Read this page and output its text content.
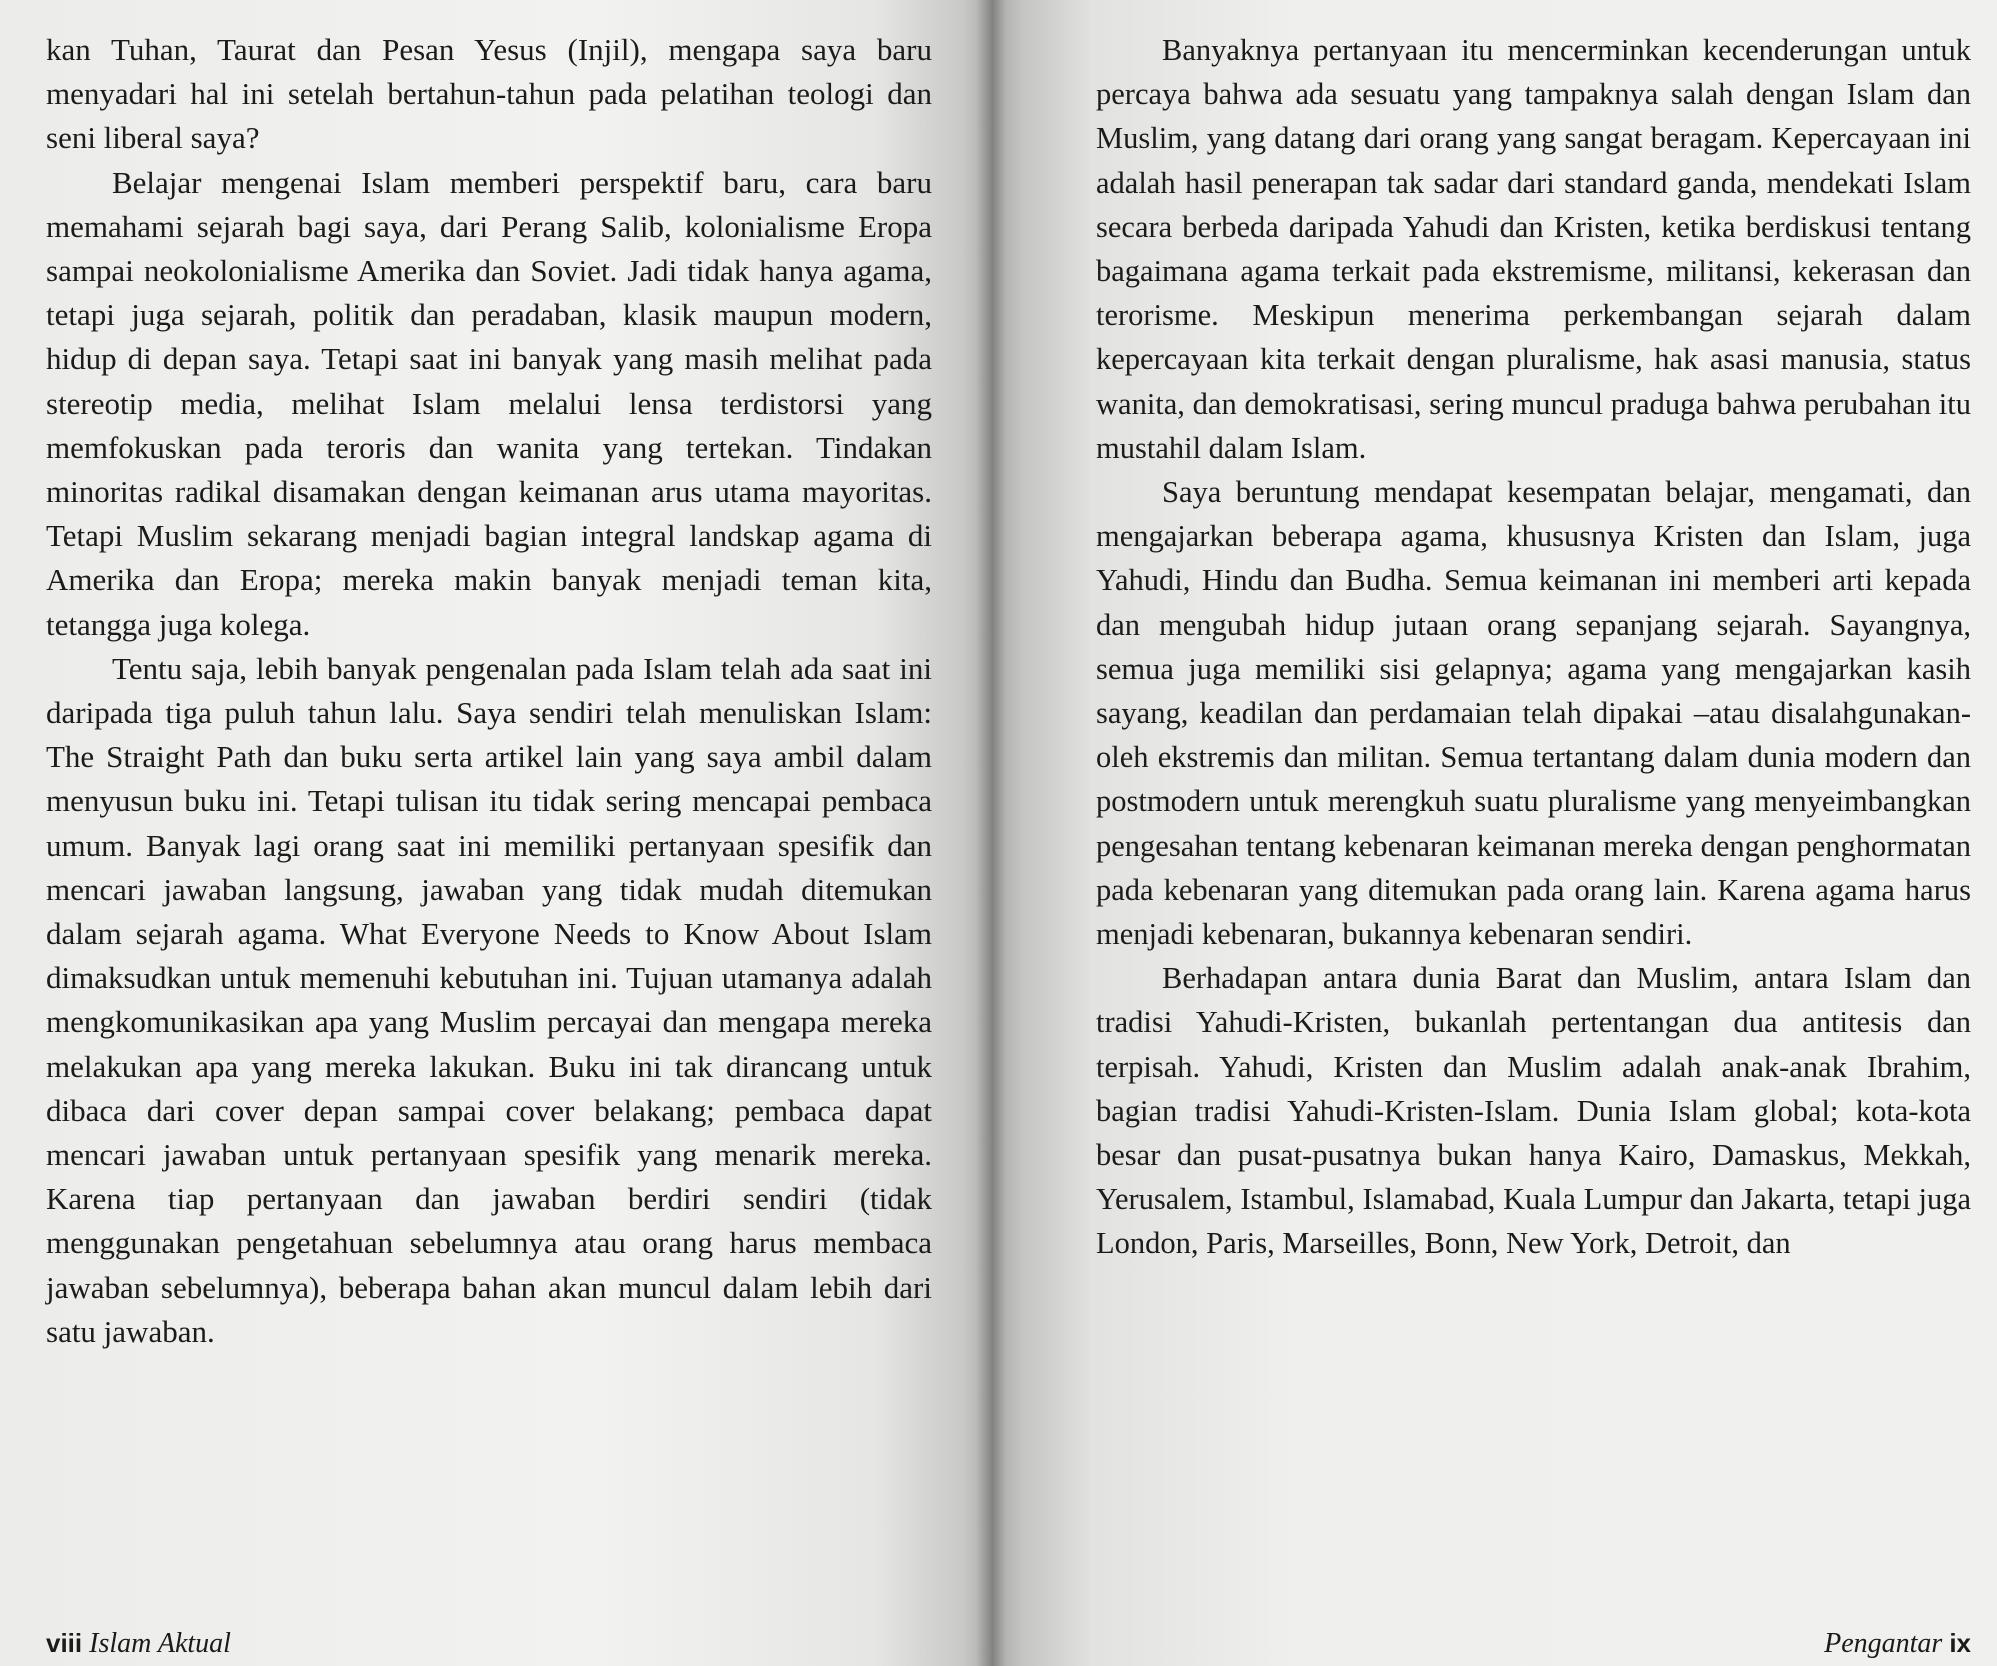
kan Tuhan, Taurat dan Pesan Yesus (Injil), mengapa saya baru menyadari hal ini setelah bertahun-tahun pada pelatihan teologi dan seni liberal saya?

Belajar mengenai Islam memberi perspektif baru, cara baru memahami sejarah bagi saya, dari Perang Salib, kolonialisme Eropa sampai neokolonialisme Amerika dan Soviet. Jadi tidak hanya agama, tetapi juga sejarah, politik dan peradaban, klasik maupun modern, hidup di depan saya. Tetapi saat ini banyak yang masih melihat pada stereotip media, melihat Islam melalui lensa terdistorsi yang memfokuskan pada teroris dan wanita yang tertekan. Tindakan minoritas radikal disamakan dengan keimanan arus utama mayoritas. Tetapi Muslim sekarang menjadi bagian integral landskap agama di Amerika dan Eropa; mereka makin banyak menjadi teman kita, tetangga juga kolega.

Tentu saja, lebih banyak pengenalan pada Islam telah ada saat ini daripada tiga puluh tahun lalu. Saya sendiri telah menuliskan Islam: The Straight Path dan buku serta artikel lain yang saya ambil dalam menyusun buku ini. Tetapi tulisan itu tidak sering mencapai pembaca umum. Banyak lagi orang saat ini memiliki pertanyaan spesifik dan mencari jawaban langsung, jawaban yang tidak mudah ditemukan dalam sejarah agama. What Everyone Needs to Know About Islam dimaksudkan untuk memenuhi kebutuhan ini. Tujuan utamanya adalah mengkomunikasikan apa yang Muslim percayai dan mengapa mereka melakukan apa yang mereka lakukan. Buku ini tak dirancang untuk dibaca dari cover depan sampai cover belakang; pembaca dapat mencari jawaban untuk pertanyaan spesifik yang menarik mereka. Karena tiap pertanyaan dan jawaban berdiri sendiri (tidak menggunakan pengetahuan sebelumnya atau orang harus membaca jawaban sebelumnya), beberapa bahan akan muncul dalam lebih dari satu jawaban.

viii Islam Aktual

Banyaknya pertanyaan itu mencerminkan kecenderungan untuk percaya bahwa ada sesuatu yang tampaknya salah dengan Islam dan Muslim, yang datang dari orang yang sangat beragam. Kepercayaan ini adalah hasil penerapan tak sadar dari standard ganda, mendekati Islam secara berbeda daripada Yahudi dan Kristen, ketika berdiskusi tentang bagaimana agama terkait pada ekstremisme, militansi, kekerasan dan terorisme. Meskipun menerima perkembangan sejarah dalam kepercayaan kita terkait dengan pluralisme, hak asasi manusia, status wanita, dan demokratisasi, sering muncul praduga bahwa perubahan itu mustahil dalam Islam.

Saya beruntung mendapat kesempatan belajar, mengamati, dan mengajarkan beberapa agama, khususnya Kristen dan Islam, juga Yahudi, Hindu dan Budha. Semua keimanan ini memberi arti kepada dan mengubah hidup jutaan orang sepanjang sejarah. Sayangnya, semua juga memiliki sisi gelapnya; agama yang mengajarkan kasih sayang, keadilan dan perdamaian telah dipakai –atau disalahgunakan- oleh ekstremis dan militan. Semua tertantang dalam dunia modern dan postmodern untuk merengkuh suatu pluralisme yang menyeimbangkan pengesahan tentang kebenaran keimanan mereka dengan penghormatan pada kebenaran yang ditemukan pada orang lain. Karena agama harus menjadi kebenaran, bukannya kebenaran sendiri.

Berhadapan antara dunia Barat dan Muslim, antara Islam dan tradisi Yahudi-Kristen, bukanlah pertentangan dua antitesis dan terpisah. Yahudi, Kristen dan Muslim adalah anak-anak Ibrahim, bagian tradisi Yahudi-Kristen-Islam. Dunia Islam global; kota-kota besar dan pusat-pusatnya bukan hanya Kairo, Damaskus, Mekkah, Yerusalem, Istambul, Islamabad, Kuala Lumpur dan Jakarta, tetapi juga London, Paris, Marseilles, Bonn, New York, Detroit, dan

Pengantar ix
